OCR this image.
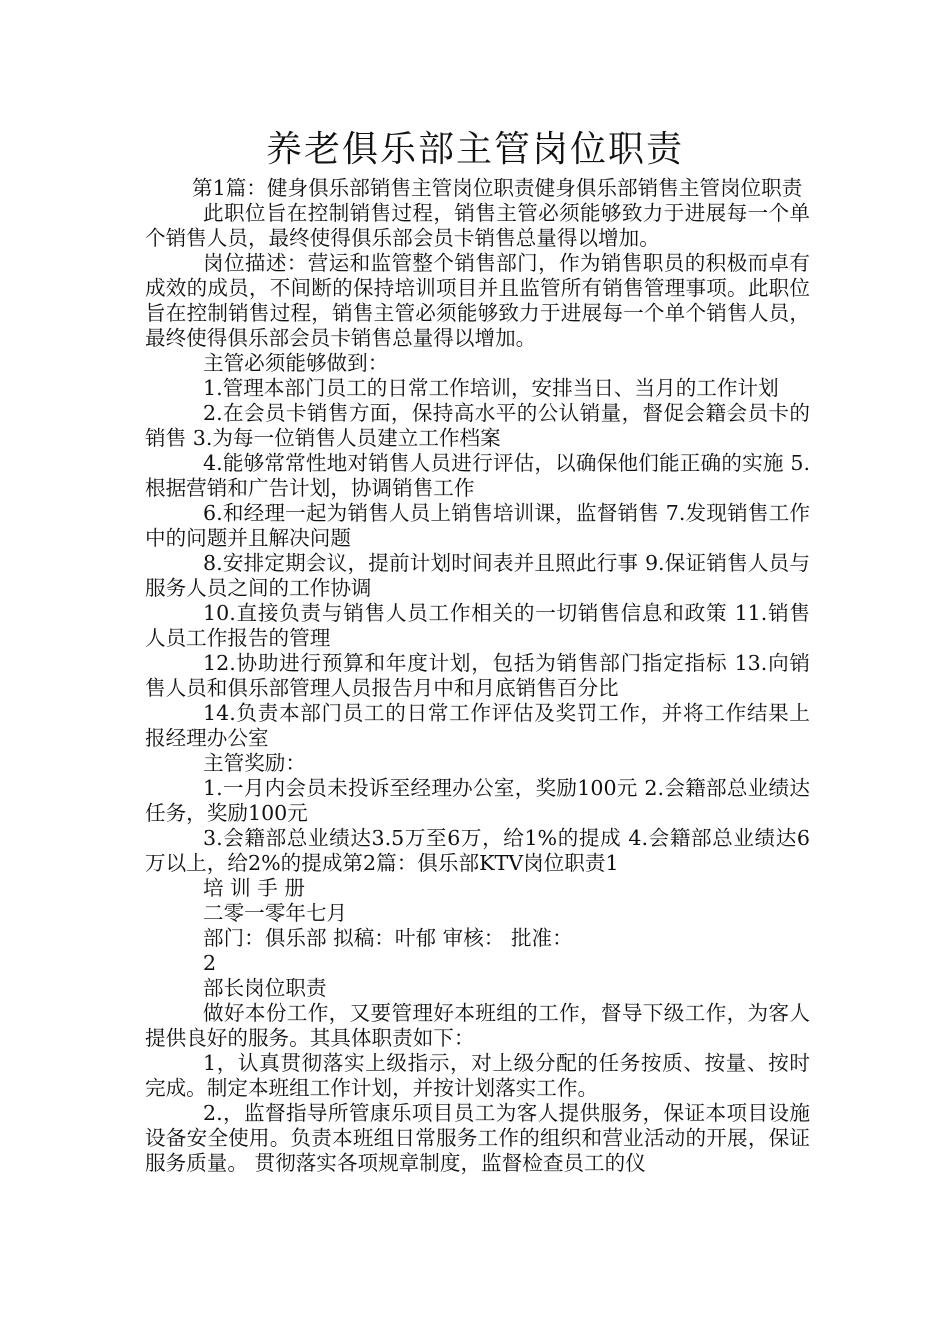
养老俱乐部主管岗位职责

第1篇：健身俱乐部销售主管岗位职责健身俱乐部销售主管岗位职责

此职位旨在控制销售过程，销售主管必须能够致力于进展每一个单个销售人员，最终使得俱乐部会员卡销售总量得以增加。

岗位描述：营运和监管整个销售部门，作为销售职员的积极而卓有成效的成员，不间断的保持培训项目并且监管所有销售管理事项。此职位旨在控制销售过程，销售主管必须能够致力于进展每一个单个销售人员，最终使得俱乐部会员卡销售总量得以增加。

主管必须能够做到：

1.管理本部门员工的日常工作培训，安排当日、当月的工作计划

2.在会员卡销售方面，保持高水平的公认销量，督促会籍会员卡的销售 3.为每一位销售人员建立工作档案

4.能够常常性地对销售人员进行评估，以确保他们能正确的实施 5.根据营销和广告计划，协调销售工作

6.和经理一起为销售人员上销售培训课，监督销售 7.发现销售工作中的问题并且解决问题

8.安排定期会议，提前计划时间表并且照此行事 9.保证销售人员与服务人员之间的工作协调

10.直接负责与销售人员工作相关的一切销售信息和政策 11.销售人员工作报告的管理

12.协助进行预算和年度计划，包括为销售部门指定指标 13.向销售人员和俱乐部管理人员报告月中和月底销售百分比

14.负责本部门员工的日常工作评估及奖罚工作，并将工作结果上报经理办公室

主管奖励：

1.一月内会员未投诉至经理办公室，奖励100元 2.会籍部总业绩达任务，奖励100元

3.会籍部总业绩达3.5万至6万，给1%的提成 4.会籍部总业绩达6万以上，给2%的提成第2篇：俱乐部KTV岗位职责1

培 训 手 册

二零一零年七月

部门：俱乐部 拟稿：叶郁 审核： 批准：

2

部长岗位职责

做好本份工作，又要管理好本班组的工作，督导下级工作，为客人提供良好的服务。其具体职责如下：

1，认真贯彻落实上级指示，对上级分配的任务按质、按量、按时完成。制定本班组工作计划，并按计划落实工作。

2.，监督指导所管康乐项目员工为客人提供服务，保证本项目设施设备安全使用。负责本班组日常服务工作的组织和营业活动的开展，保证服务质量。 贯彻落实各项规章制度，监督检查员工的仪
